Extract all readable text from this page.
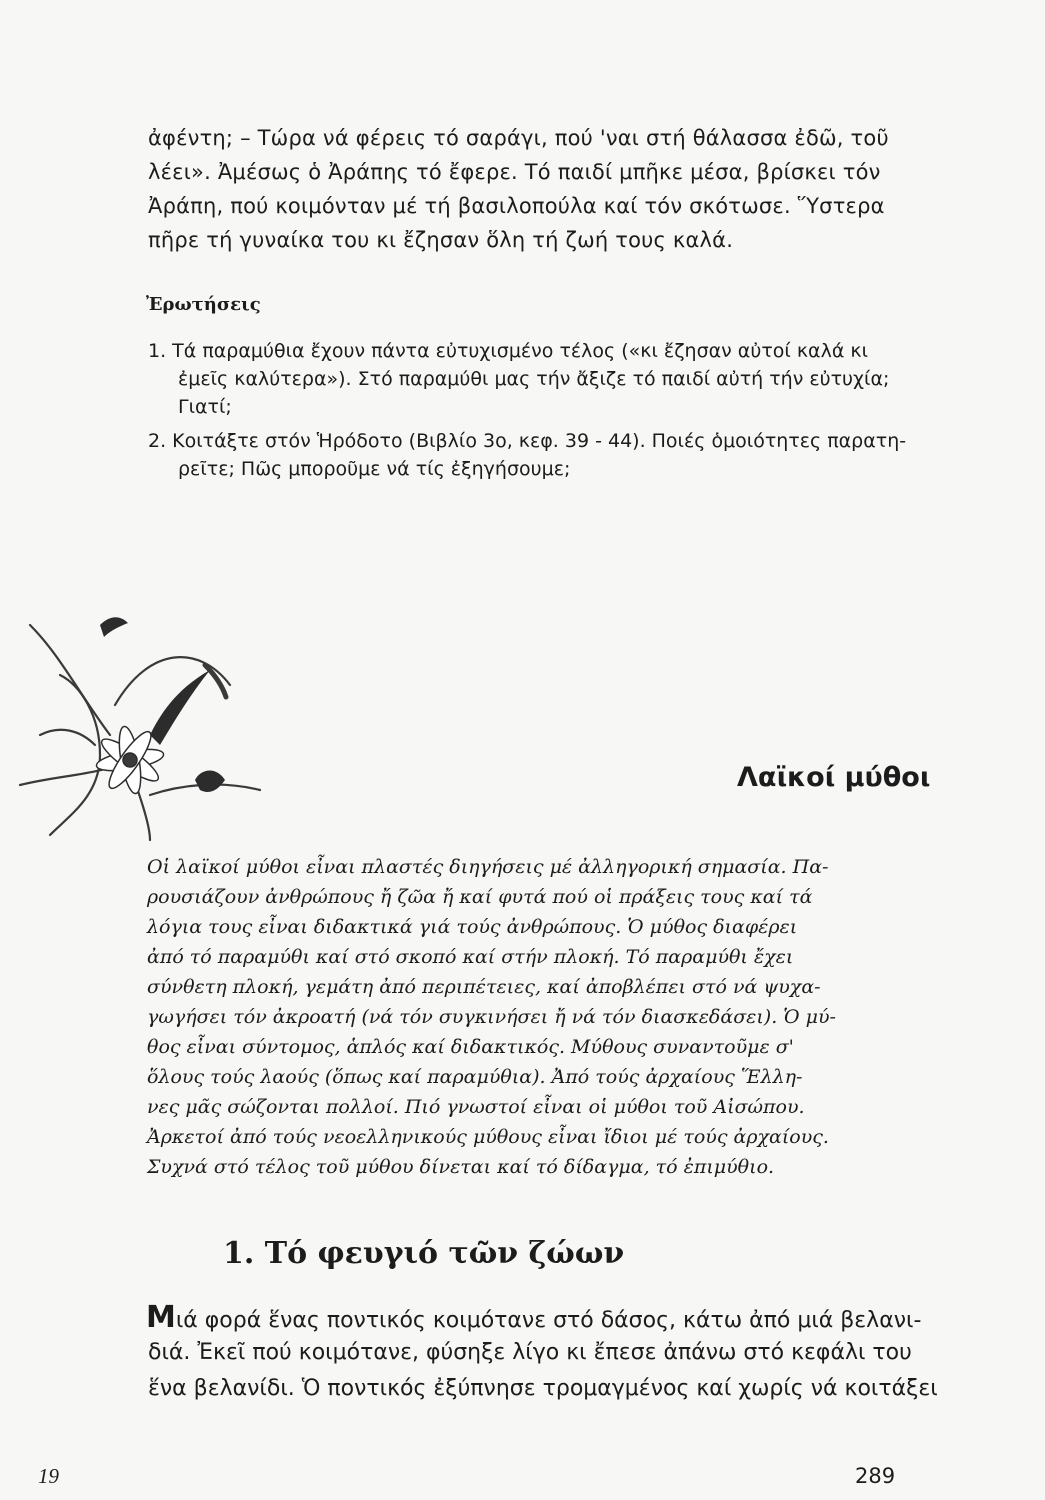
ἀφέντη; – Τώρα νά φέρεις τό σαράγι, πού 'ναι στή θάλασσα ἐδῶ, τοῦ
λέει». Ἀμέσως ὁ Ἀράπης τό ἔφερε. Τό παιδί μπῆκε μέσα, βρίσκει τόν
Ἀράπη, πού κοιμόνταν μέ τή βασιλοπούλα καί τόν σκότωσε. Ὕστερα
πῆρε τή γυναίκα του κι ἔζησαν ὅλη τή ζωή τους καλά.
Ἐρωτήσεις
1. Τά παραμύθια ἔχουν πάντα εὐτυχισμένο τέλος («κι ἔζησαν αὐτοί καλά κι
ἐμεῖς καλύτερα»). Στό παραμύθι μας τήν ἄξιζε τό παιδί αὐτή τήν εὐτυχία;
Γιατί;
2. Κοιτάξτε στόν Ἡρόδοτο (Βιβλίο 3ο, κεφ. 39 - 44). Ποιές ὁμοιότητες παρατη-
ρεῖτε; Πῶς μποροῦμε νά τίς ἐξηγήσουμε;
Λαϊκοί μύθοι
Οἱ λαϊκοί μύθοι εἶναι πλαστές διηγήσεις μέ ἀλληγορική σημασία. Πα-
ρουσιάζουν ἀνθρώπους ἤ ζῶα ἤ καί φυτά πού οἱ πράξεις τους καί τά
λόγια τους εἶναι διδακτικά γιά τούς ἀνθρώπους. Ὁ μύθος διαφέρει
ἀπό τό παραμύθι καί στό σκοπό καί στήν πλοκή. Τό παραμύθι ἔχει
σύνθετη πλοκή, γεμάτη ἀπό περιπέτειες, καί ἀποβλέπει στό νά ψυχα-
γωγήσει τόν ἀκροατή (νά τόν συγκινήσει ἤ νά τόν διασκεδάσει). Ὁ μύ-
θος εἶναι σύντομος, ἁπλός καί διδακτικός. Μύθους συναντοῦμε σ'
ὅλους τούς λαούς (ὅπως καί παραμύθια). Ἀπό τούς ἀρχαίους Ἕλλη-
νες μᾶς σώζονται πολλοί. Πιό γνωστοί εἶναι οἱ μύθοι τοῦ Αἰσώπου.
Ἀρκετοί ἀπό τούς νεοελληνικούς μύθους εἶναι ἴδιοι μέ τούς ἀρχαίους.
Συχνά στό τέλος τοῦ μύθου δίνεται καί τό δίδαγμα, τό ἐπιμύθιο.
1. Τό φευγιό τῶν ζώων
Μιά φορά ἕνας ποντικός κοιμότανε στό δάσος, κάτω ἀπό μιά βελανι-
διά. Ἐκεῖ πού κοιμότανε, φύσηξε λίγο κι ἔπεσε ἀπάνω στό κεφάλι του
ἕνα βελανίδι. Ὁ ποντικός ἐξύπνησε τρομαγμένος καί χωρίς νά κοιτάξει
19	289
